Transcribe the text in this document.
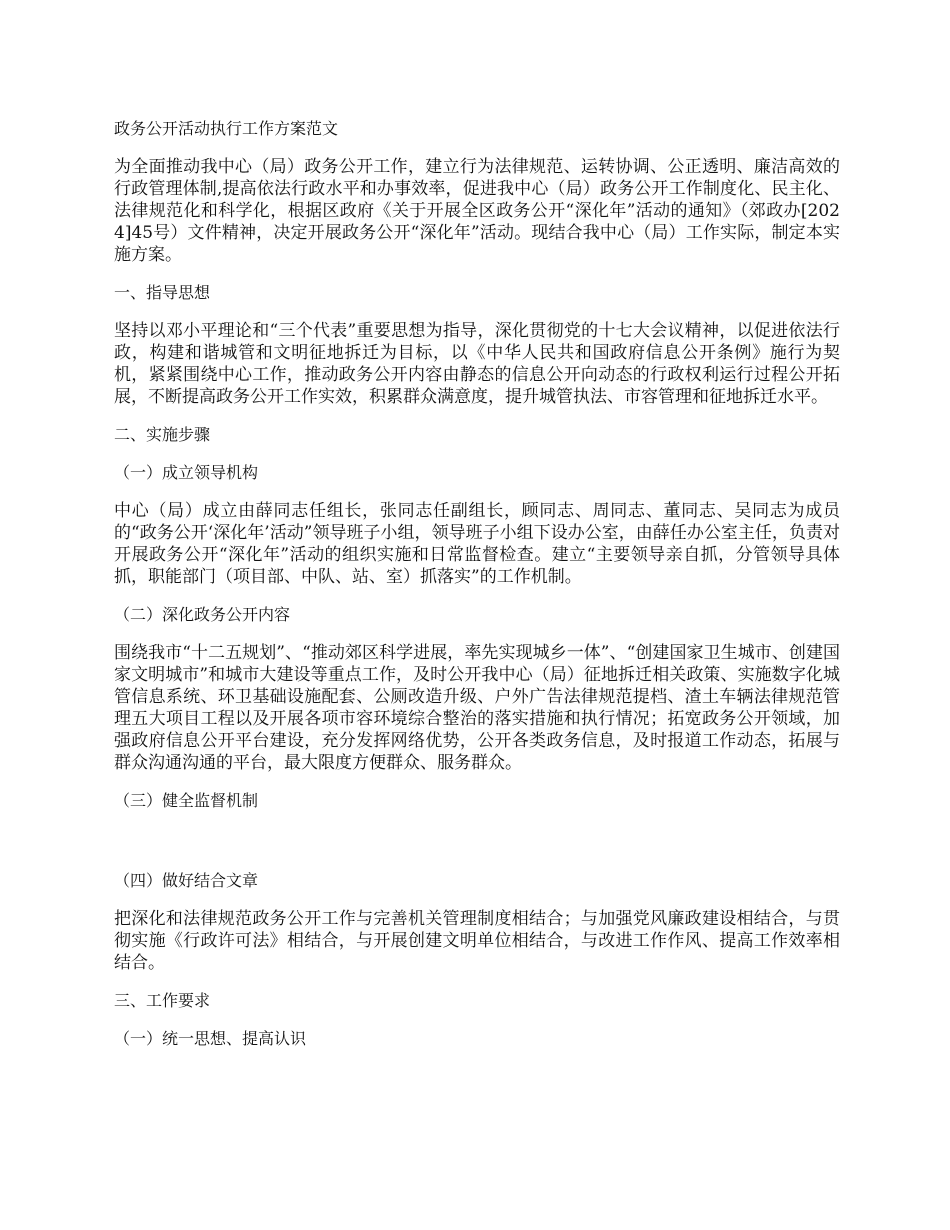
政务公开活动执行工作方案范文
为全面推动我中心（局）政务公开工作，建立行为法律规范、运转协调、公正透明、廉洁高效的行政管理体制,提高依法行政水平和办事效率，促进我中心（局）政务公开工作制度化、民主化、法律规范化和科学化，根据区政府《关于开展全区政务公开“深化年”活动的通知》（郊政办[2024]45号）文件精神，决定开展政务公开“深化年”活动。现结合我中心（局）工作实际，制定本实施方案。
一、指导思想
坚持以邓小平理论和“三个代表”重要思想为指导，深化贯彻党的十七大会议精神，以促进依法行政，构建和谐城管和文明征地拆迁为目标，以《中华人民共和国政府信息公开条例》施行为契机，紧紧围绕中心工作，推动政务公开内容由静态的信息公开向动态的行政权利运行过程公开拓展，不断提高政务公开工作实效，积累群众满意度，提升城管执法、市容管理和征地拆迁水平。
二、实施步骤
（一）成立领导机构
中心（局）成立由薛同志任组长，张同志任副组长，顾同志、周同志、董同志、吴同志为成员的“政务公开‘深化年’活动”领导班子小组，领导班子小组下设办公室，由薛任办公室主任，负责对开展政务公开“深化年”活动的组织实施和日常监督检查。建立“主要领导亲自抓，分管领导具体抓，职能部门（项目部、中队、站、室）抓落实”的工作机制。
（二）深化政务公开内容
围绕我市“十二五规划”、“推动郊区科学进展，率先实现城乡一体”、“创建国家卫生城市、创建国家文明城市”和城市大建设等重点工作，及时公开我中心（局）征地拆迁相关政策、实施数字化城管信息系统、环卫基础设施配套、公厕改造升级、户外广告法律规范提档、渣土车辆法律规范管理五大项目工程以及开展各项市容环境综合整治的落实措施和执行情况；拓宽政务公开领域，加强政府信息公开平台建设，充分发挥网络优势，公开各类政务信息，及时报道工作动态，拓展与群众沟通沟通的平台，最大限度方便群众、服务群众。
（三）健全监督机制
（四）做好结合文章
把深化和法律规范政务公开工作与完善机关管理制度相结合；与加强党风廉政建设相结合，与贯彻实施《行政许可法》相结合，与开展创建文明单位相结合，与改进工作作风、提高工作效率相结合。
三、工作要求
（一）统一思想、提高认识
